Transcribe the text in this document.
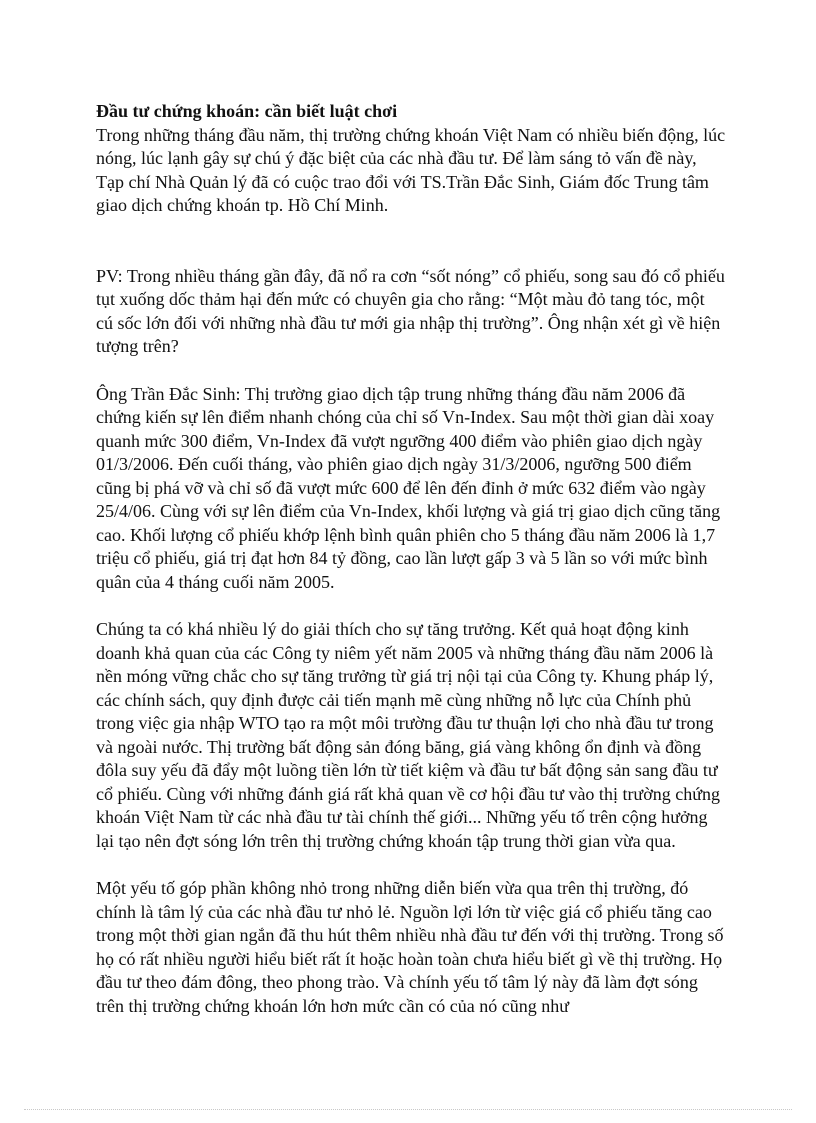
Đầu tư chứng khoán: cần biết luật chơi

Trong những tháng đầu năm, thị trường chứng khoán Việt Nam có nhiều biến động, lúc nóng, lúc lạnh gây sự chú ý đặc biệt của các nhà đầu tư. Để làm sáng tỏ vấn đề này, Tạp chí Nhà Quản lý đã có cuộc trao đổi với TS.Trần Đắc Sinh, Giám đốc Trung tâm giao dịch chứng khoán tp. Hồ Chí Minh.

PV: Trong nhiều tháng gần đây, đã nổ ra cơn “sốt nóng” cổ phiếu, song sau đó cổ phiếu tụt xuống dốc thảm hại đến mức có chuyên gia cho rằng: “Một màu đỏ tang tóc, một cú sốc lớn đối với những nhà đầu tư mới gia nhập thị trường”. Ông nhận xét gì về hiện tượng trên?

Ông Trần Đắc Sinh: Thị trường giao dịch tập trung những tháng đầu năm 2006 đã chứng kiến sự lên điểm nhanh chóng của chỉ số Vn-Index. Sau một thời gian dài xoay quanh mức 300 điểm, Vn-Index đã vượt ngưỡng 400 điểm vào phiên giao dịch ngày 01/3/2006. Đến cuối tháng, vào phiên giao dịch ngày 31/3/2006, ngưỡng 500 điểm cũng bị phá vỡ và chỉ số đã vượt mức 600 để lên đến đỉnh ở mức 632 điểm vào ngày 25/4/06. Cùng với sự lên điểm của Vn-Index, khối lượng và giá trị giao dịch cũng tăng cao. Khối lượng cổ phiếu khớp lệnh bình quân phiên cho 5 tháng đầu năm 2006 là 1,7 triệu cổ phiếu, giá trị đạt hơn 84 tỷ đồng, cao lần lượt gấp 3 và 5 lần so với mức bình quân của 4 tháng cuối năm 2005.

Chúng ta có khá nhiều lý do giải thích cho sự tăng trưởng. Kết quả hoạt động kinh doanh khả quan của các Công ty niêm yết năm 2005 và những tháng đầu năm 2006 là nền móng vững chắc cho sự tăng trưởng từ giá trị nội tại của Công ty. Khung pháp lý, các chính sách, quy định được cải tiến mạnh mẽ cùng những nỗ lực của Chính phủ trong việc gia nhập WTO tạo ra một môi trường đầu tư thuận lợi cho nhà đầu tư trong và ngoài nước. Thị trường bất động sản đóng băng, giá vàng không ổn định và đồng đôla suy yếu đã đẩy một luồng tiền lớn từ tiết kiệm và đầu tư bất động sản sang đầu tư cổ phiếu. Cùng với những đánh giá rất khả quan về cơ hội đầu tư vào thị trường chứng khoán Việt Nam từ các nhà đầu tư tài chính thế giới... Những yếu tố trên cộng hưởng lại tạo nên đợt sóng lớn trên thị trường chứng khoán tập trung thời gian vừa qua.

Một yếu tố góp phần không nhỏ trong những diễn biến vừa qua trên thị trường, đó chính là tâm lý của các nhà đầu tư nhỏ lẻ. Nguồn lợi lớn từ việc giá cổ phiếu tăng cao trong một thời gian ngắn đã thu hút thêm nhiều nhà đầu tư đến với thị trường. Trong số họ có rất nhiều người hiểu biết rất ít hoặc hoàn toàn chưa hiểu biết gì về thị trường. Họ đầu tư theo đám đông, theo phong trào. Và chính yếu tố tâm lý này đã làm đợt sóng trên thị trường chứng khoán lớn hơn mức cần có của nó cũng như
